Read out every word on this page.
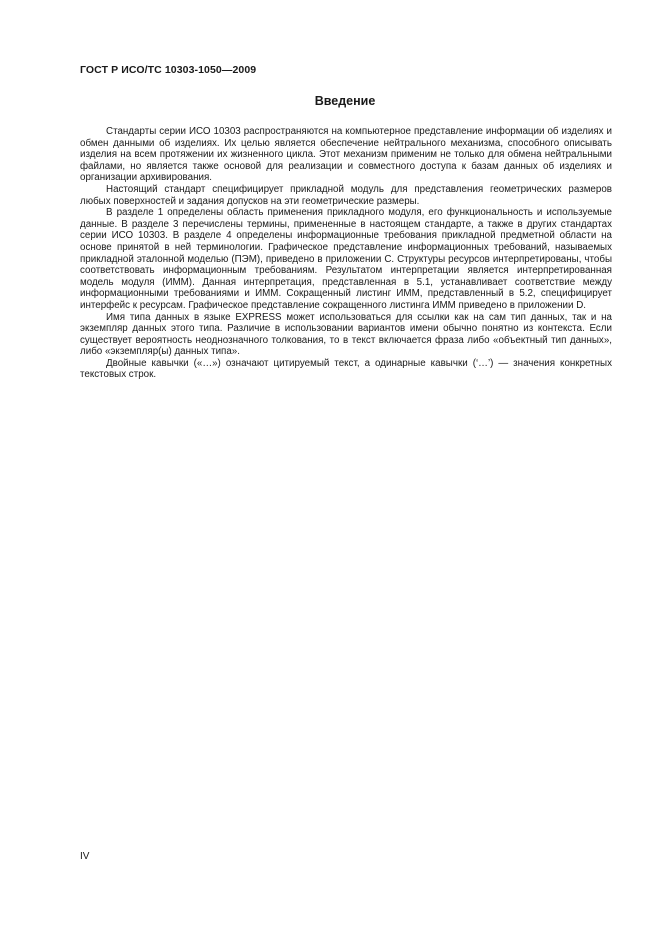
ГОСТ Р ИСО/ТС 10303-1050—2009
Введение

Стандарты серии ИСО 10303 распространяются на компьютерное представление информации об изделиях и обмен данными об изделиях. Их целью является обеспечение нейтрального механизма, способного описывать изделия на всем протяжении их жизненного цикла. Этот механизм применим не только для обмена нейтральными файлами, но является также основой для реализации и совместного доступа к базам данных об изделиях и организации архивирования.

Настоящий стандарт специфицирует прикладной модуль для представления геометрических размеров любых поверхностей и задания допусков на эти геометрические размеры.

В разделе 1 определены область применения прикладного модуля, его функциональность и используемые данные. В разделе 3 перечислены термины, примененные в настоящем стандарте, а также в других стандартах серии ИСО 10303. В разделе 4 определены информационные требования прикладной предметной области на основе принятой в ней терминологии. Графическое представление информационных требований, называемых прикладной эталонной моделью (ПЭМ), приведено в приложении С. Структуры ресурсов интерпретированы, чтобы соответствовать информационным требованиям. Результатом интерпретации является интерпретированная модель модуля (ИММ). Данная интерпретация, представленная в 5.1, устанавливает соответствие между информационными требованиями и ИММ. Сокращенный листинг ИММ, представленный в 5.2, специфицирует интерфейс к ресурсам. Графическое представление сокращенного листинга ИММ приведено в приложении D.

Имя типа данных в языке EXPRESS может использоваться для ссылки как на сам тип данных, так и на экземпляр данных этого типа. Различие в использовании вариантов имени обычно понятно из контекста. Если существует вероятность неоднозначного толкования, то в текст включается фраза либо «объектный тип данных», либо «экземпляр(ы) данных типа».

Двойные кавычки («…») означают цитируемый текст, а одинарные кавычки (‘…’) — значения конкретных текстовых строк.

IV
